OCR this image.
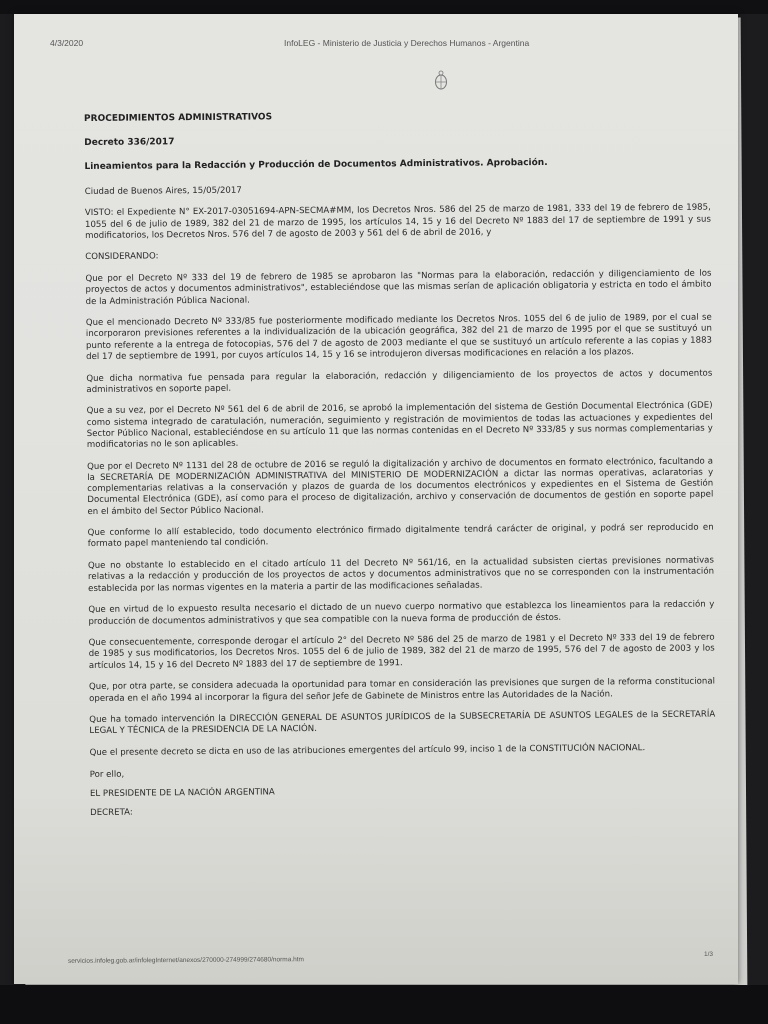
4/3/2020	InfoLEG - Ministerio de Justicia y Derechos Humanos - Argentina

PROCEDIMIENTOS ADMINISTRATIVOS

Decreto 336/2017

Lineamientos para la Redacción y Producción de Documentos Administrativos. Aprobación.

Ciudad de Buenos Aires, 15/05/2017

VISTO: el Expediente N° EX-2017-03051694-APN-SECMA#MM, los Decretos Nros. 586 del 25 de marzo de 1981, 333 del 19 de febrero de 1985, 1055 del 6 de julio de 1989, 382 del 21 de marzo de 1995, los artículos 14, 15 y 16 del Decreto Nº 1883 del 17 de septiembre de 1991 y sus modificatorios, los Decretos Nros. 576 del 7 de agosto de 2003 y 561 del 6 de abril de 2016, y

CONSIDERANDO:

Que por el Decreto Nº 333 del 19 de febrero de 1985 se aprobaron las "Normas para la elaboración, redacción y diligenciamiento de los proyectos de actos y documentos administrativos", estableciéndose que las mismas serían de aplicación obligatoria y estricta en todo el ámbito de la Administración Pública Nacional.

Que el mencionado Decreto Nº 333/85 fue posteriormente modificado mediante los Decretos Nros. 1055 del 6 de julio de 1989, por el cual se incorporaron previsiones referentes a la individualización de la ubicación geográfica, 382 del 21 de marzo de 1995 por el que se sustituyó un punto referente a la entrega de fotocopias, 576 del 7 de agosto de 2003 mediante el que se sustituyó un artículo referente a las copias y 1883 del 17 de septiembre de 1991, por cuyos artículos 14, 15 y 16 se introdujeron diversas modificaciones en relación a los plazos.

Que dicha normativa fue pensada para regular la elaboración, redacción y diligenciamiento de los proyectos de actos y documentos administrativos en soporte papel.

Que a su vez, por el Decreto Nº 561 del 6 de abril de 2016, se aprobó la implementación del sistema de Gestión Documental Electrónica (GDE) como sistema integrado de caratulación, numeración, seguimiento y registración de movimientos de todas las actuaciones y expedientes del Sector Público Nacional, estableciéndose en su artículo 11 que las normas contenidas en el Decreto Nº 333/85 y sus normas complementarias y modificatorias no le son aplicables.

Que por el Decreto Nº 1131 del 28 de octubre de 2016 se reguló la digitalización y archivo de documentos en formato electrónico, facultando a la SECRETARÍA DE MODERNIZACIÓN ADMINISTRATIVA del MINISTERIO DE MODERNIZACIÓN a dictar las normas operativas, aclaratorias y complementarias relativas a la conservación y plazos de guarda de los documentos electrónicos y expedientes en el Sistema de Gestión Documental Electrónica (GDE), así como para el proceso de digitalización, archivo y conservación de documentos de gestión en soporte papel en el ámbito del Sector Público Nacional.

Que conforme lo allí establecido, todo documento electrónico firmado digitalmente tendrá carácter de original, y podrá ser reproducido en formato papel manteniendo tal condición.

Que no obstante lo establecido en el citado artículo 11 del Decreto Nº 561/16, en la actualidad subsisten ciertas previsiones normativas relativas a la redacción y producción de los proyectos de actos y documentos administrativos que no se corresponden con la instrumentación establecida por las normas vigentes en la materia a partir de las modificaciones señaladas.

Que en virtud de lo expuesto resulta necesario el dictado de un nuevo cuerpo normativo que establezca los lineamientos para la redacción y producción de documentos administrativos y que sea compatible con la nueva forma de producción de éstos.

Que consecuentemente, corresponde derogar el artículo 2° del Decreto Nº 586 del 25 de marzo de 1981 y el Decreto Nº 333 del 19 de febrero de 1985 y sus modificatorios, los Decretos Nros. 1055 del 6 de julio de 1989, 382 del 21 de marzo de 1995, 576 del 7 de agosto de 2003 y los artículos 14, 15 y 16 del Decreto Nº 1883 del 17 de septiembre de 1991.

Que, por otra parte, se considera adecuada la oportunidad para tomar en consideración las previsiones que surgen de la reforma constitucional operada en el año 1994 al incorporar la figura del señor Jefe de Gabinete de Ministros entre las Autoridades de la Nación.

Que ha tomado intervención la DIRECCIÓN GENERAL DE ASUNTOS JURÍDICOS de la SUBSECRETARÍA DE ASUNTOS LEGALES de la SECRETARÍA LEGAL Y TÉCNICA de la PRESIDENCIA DE LA NACIÓN.

Que el presente decreto se dicta en uso de las atribuciones emergentes del artículo 99, inciso 1 de la CONSTITUCIÓN NACIONAL.

Por ello,

EL PRESIDENTE DE LA NACIÓN ARGENTINA

DECRETA:

servicios.infoleg.gob.ar/infolegInternet/anexos/270000-274999/274680/norma.htm
1/3
